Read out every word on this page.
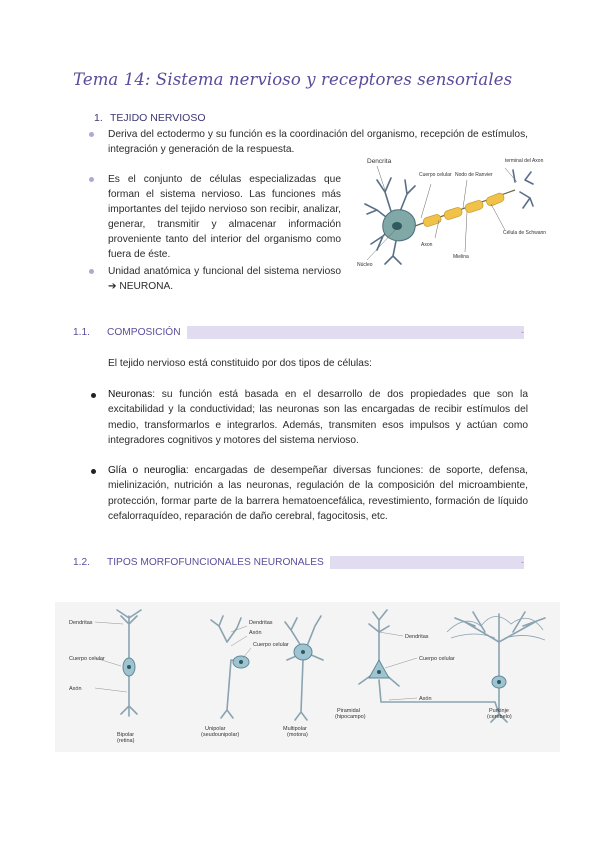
Tema 14: Sistema nervioso y receptores sensoriales
1. TEJIDO NERVIOSO
Deriva del ectodermo y su función es la coordinación del organismo, recepción de estímulos, integración y generación de la respuesta.
Es el conjunto de células especializadas que forman el sistema nervioso. Las funciones más importantes del tejido nervioso son recibir, analizar, generar, transmitir y almacenar información proveniente tanto del interior del organismo como fuera de éste.
Unidad anatómica y funcional del sistema nervioso ➔ NEURONA.
Dencrita
Cuerpo celular Nodo de Ranvier
terminal del Axon
Axon
Célula de Schwann
Núcleo
Mielina
1.1. COMPOSICIÓN	-
El tejido nervioso está constituido por dos tipos de células:
Neuronas: su función está basada en el desarrollo de dos propiedades que son la excitabilidad y la conductividad; las neuronas son las encargadas de recibir estímulos del medio, transformarlos e integrarlos. Además, transmiten esos impulsos y actúan como integradores cognitivos y motores del sistema nervioso.
Glía o neuroglia: encargadas de desempeñar diversas funciones: de soporte, defensa, mielinización, nutrición a las neuronas, regulación de la composición del microambiente, protección, formar parte de la barrera hematoencefálica, revestimiento, formación de líquido cefalorraquídeo, reparación de daño cerebral, fagocitosis, etc.
1.2. TIPOS MORFOFUNCIONALES NEURONALES	-
Dendritas
Cuerpo celular
Axón
Bipolar
(retina)
Dendritas
Axón
Cuerpo celular
Unipolar
(seudounipolar)
Multipolar
(motora)
Dendritas
Cuerpo celular
Axón
Piramidal
(hipocampo)
Purkinje
(cerebelo)
